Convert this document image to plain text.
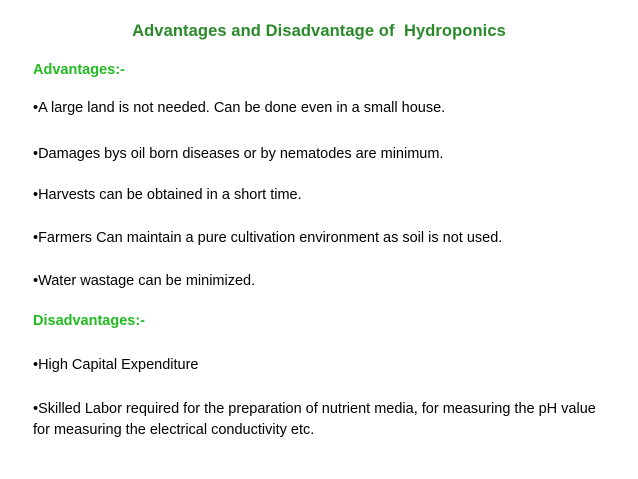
Advantages and Disadvantage of  Hydroponics
Advantages:-
•A large land is not needed. Can be done even in a small house.
•Damages bys oil born diseases or by nematodes are minimum.
•Harvests can be obtained in a short time.
•Farmers Can maintain a pure cultivation environment as soil is not used.
•Water wastage can be minimized.
Disadvantages:-
•High Capital Expenditure
•Skilled Labor required for the preparation of nutrient media, for measuring the pH value for measuring the electrical conductivity etc.
